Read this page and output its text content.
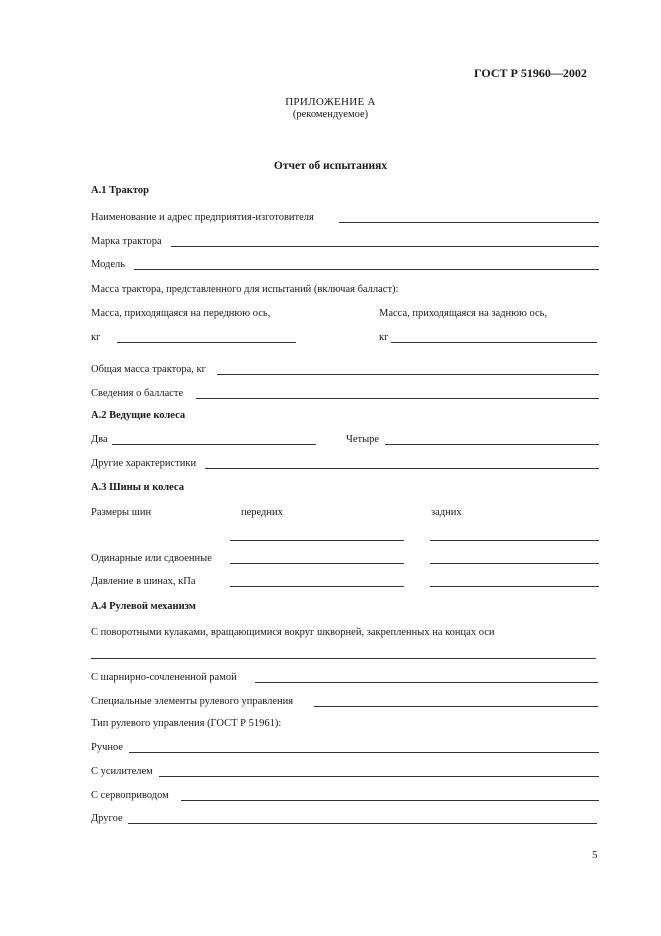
ГОСТ Р 51960—2002
ПРИЛОЖЕНИЕ А
(рекомендуемое)
Отчет об испытаниях
А.1 Трактор
Наименование и адрес предприятия-изготовителя
Марка трактора
Модель
Масса трактора, представленного для испытаний (включая балласт):
Масса, приходящаяся на переднюю ось,	Масса, приходящаяся на заднюю ось,
кг	кг
Общая масса трактора, кг
Сведения о балласте
А.2 Ведущие колеса
Два	Четыре
Другие характеристики
А.3 Шины и колеса
Размеры шин	передних	задних
Одинарные или сдвоенные
Давление в шинах, кПа
А.4 Рулевой механизм
С поворотными кулаками, вращающимися вокруг шкворней, закрепленных на концах оси
С шарнирно-сочлененной рамой
Специальные элементы рулевого управления
Тип рулевого управления (ГОСТ Р 51961):
Ручное
С усилителем
С сервоприводом
Другое
5
